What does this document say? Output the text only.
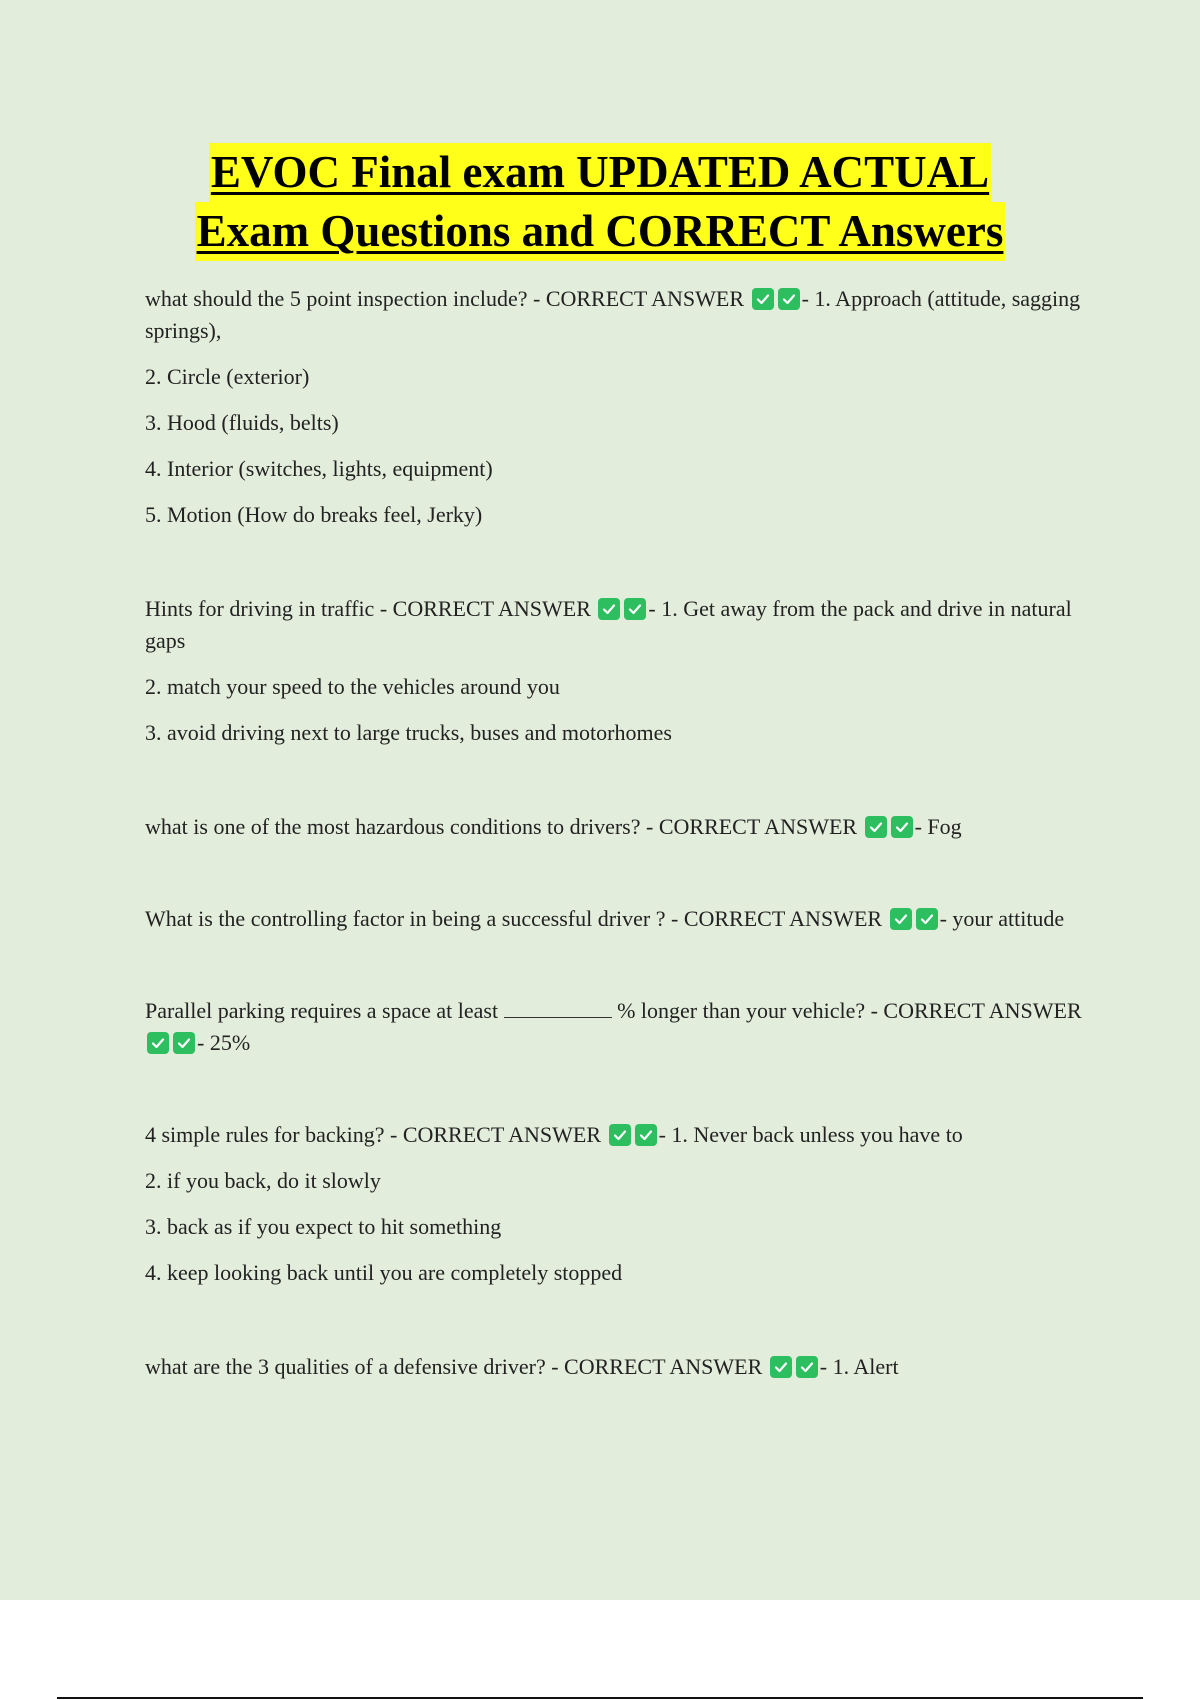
EVOC Final exam UPDATED ACTUAL
Exam Questions and CORRECT Answers

what should the 5 point inspection include? - CORRECT ANSWER
- 1. Approach (attitude, sagging springs),

2. Circle (exterior)

3. Hood (fluids, belts)

4. Interior (switches, lights, equipment)

5. Motion (How do breaks feel, Jerky)

Hints for driving in traffic - CORRECT ANSWER
- 1. Get away from the pack and drive in natural gaps

2. match your speed to the vehicles around you

3. avoid driving next to large trucks, buses and motorhomes

what is one of the most hazardous conditions to drivers? - CORRECT ANSWER
- Fog

What is the controlling factor in being a successful driver ? - CORRECT ANSWER
- your attitude

Parallel parking requires a space at least	% longer than your vehicle? - CORRECT ANSWER
- 25%

4 simple rules for backing? - CORRECT ANSWER
- 1. Never back unless you have to

2. if you back, do it slowly

3. back as if you expect to hit something

4. keep looking back until you are completely stopped

what are the 3 qualities of a defensive driver? - CORRECT ANSWER
- 1. Alert
